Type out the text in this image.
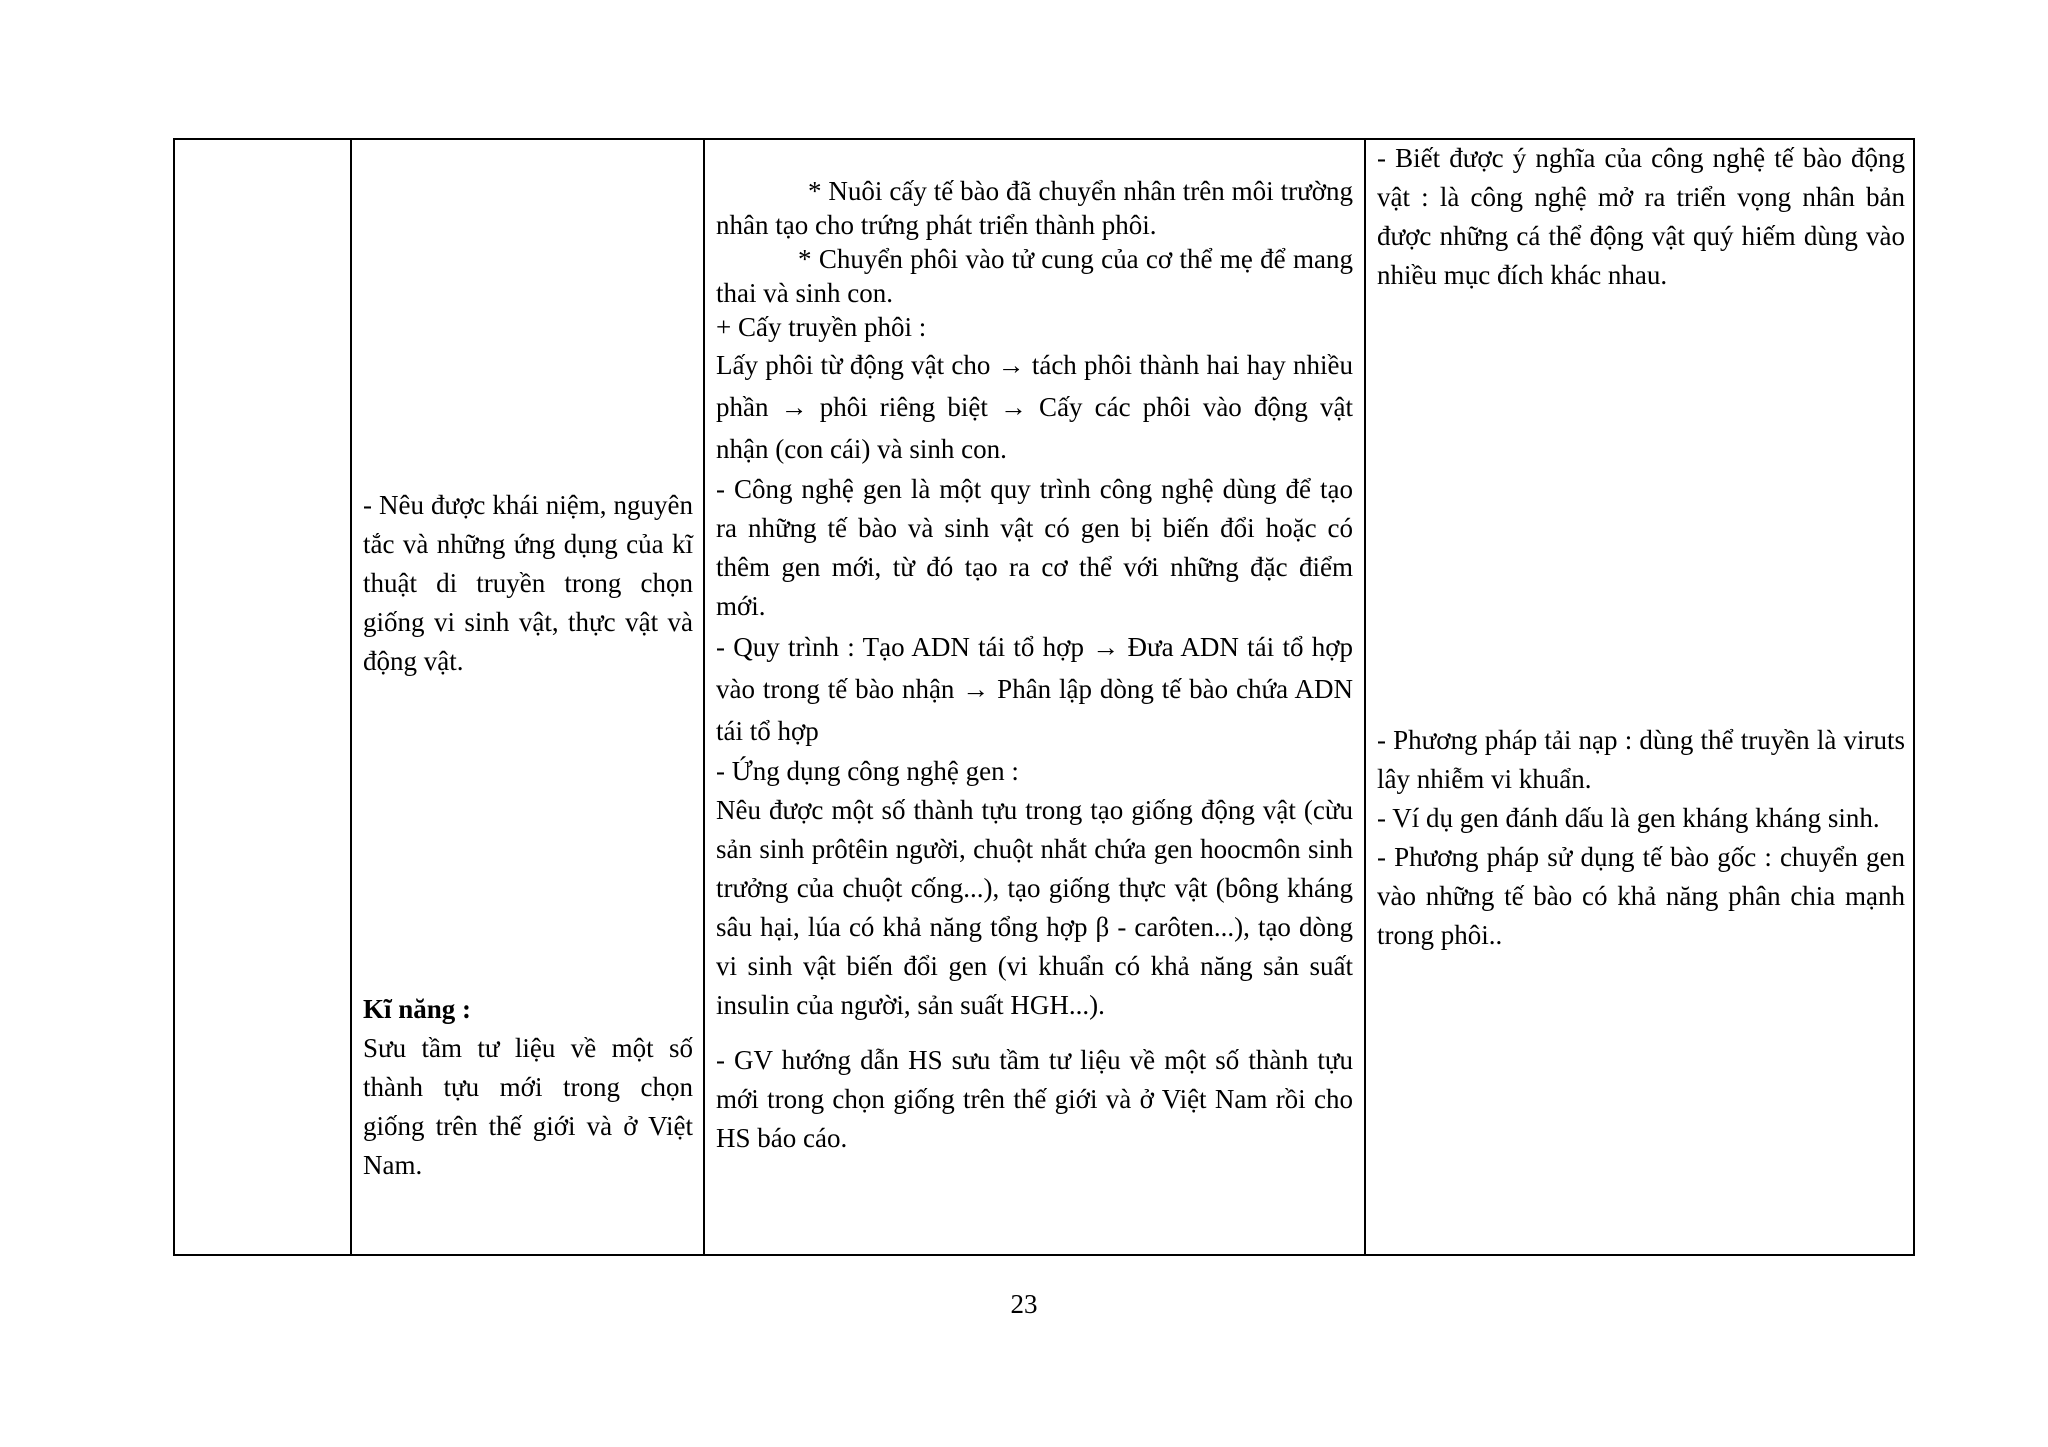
- Nêu được khái niệm, nguyên tắc và những ứng dụng của kĩ thuật di truyền trong chọn giống vi sinh vật, thực vật và động vật.

Kĩ năng :

Sưu tầm tư liệu về một số thành tựu mới trong chọn giống trên thế giới và ở Việt Nam.

* Nuôi cấy tế bào đã chuyển nhân trên môi trường nhân tạo cho trứng phát triển thành phôi.

* Chuyển phôi vào tử cung của cơ thể mẹ để mang thai và sinh con.

+ Cấy truyền phôi :

Lấy phôi từ động vật cho → tách phôi thành hai hay nhiều phần → phôi riêng biệt → Cấy các phôi vào động vật nhận (con cái) và sinh con.

- Công nghệ gen là một quy trình công nghệ dùng để tạo ra những tế bào và sinh vật có gen bị biến đổi hoặc có thêm gen mới, từ đó tạo ra cơ thể với những đặc điểm mới.

- Quy trình : Tạo ADN tái tổ hợp → Đưa ADN tái tổ hợp vào trong tế bào nhận → Phân lập dòng tế bào chứa ADN tái tổ hợp

- Ứng dụng công nghệ gen :

Nêu được một số thành tựu trong tạo giống động vật (cừu sản sinh prôtêin người, chuột nhắt chứa gen hoocmôn sinh trưởng của chuột cống...), tạo giống thực vật (bông kháng sâu hại, lúa có khả năng tổng hợp β - carôten...), tạo dòng vi sinh vật biến đổi gen (vi khuẩn có khả năng sản suất insulin của người, sản suất HGH...).

- GV hướng dẫn HS sưu tầm tư liệu về một số thành tựu mới trong chọn giống trên thế giới và ở Việt Nam rồi cho HS báo cáo.

- Biết được ý nghĩa của công nghệ tế bào động vật : là công nghệ mở ra triển vọng nhân bản được những cá thể động vật quý hiếm dùng vào nhiều mục đích khác nhau.

- Phương pháp tải nạp : dùng thể truyền là viruts lây nhiễm vi khuẩn.

- Ví dụ gen đánh dấu là gen kháng kháng sinh.

- Phương pháp sử dụng tế bào gốc : chuyển gen vào những tế bào có khả năng phân chia mạnh trong phôi..

23
